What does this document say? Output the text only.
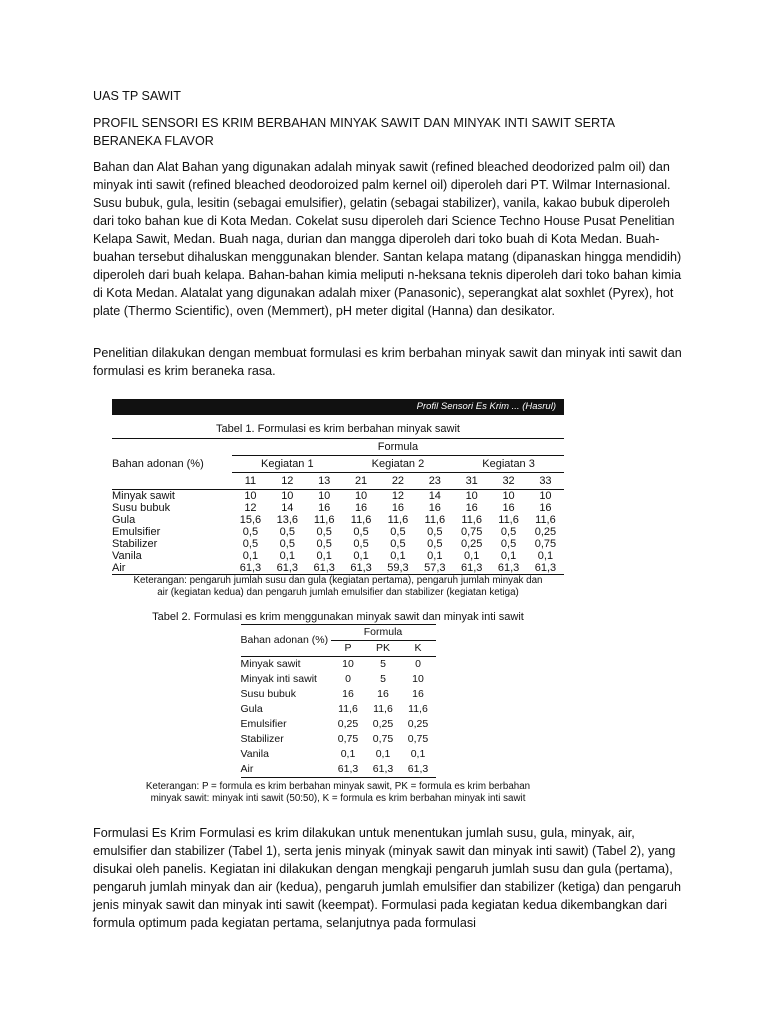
UAS TP SAWIT

PROFIL SENSORI ES KRIM BERBAHAN MINYAK SAWIT DAN MINYAK INTI SAWIT SERTA BERANEKA FLAVOR

Bahan dan Alat Bahan yang digunakan adalah minyak sawit (refined bleached deodorized palm oil) dan minyak inti sawit (refined bleached deodoroized palm kernel oil) diperoleh dari PT. Wilmar Internasional. Susu bubuk, gula, lesitin (sebagai emulsifier), gelatin (sebagai stabilizer), vanila, kakao bubuk diperoleh dari toko bahan kue di Kota Medan. Cokelat susu diperoleh dari Science Techno House Pusat Penelitian Kelapa Sawit, Medan. Buah naga, durian dan mangga diperoleh dari toko buah di Kota Medan. Buah-buahan tersebut dihaluskan menggunakan blender. Santan kelapa matang (dipanaskan hingga mendidih) diperoleh dari buah kelapa. Bahan-bahan kimia meliputi n-heksana teknis diperoleh dari toko bahan kimia di Kota Medan. Alatalat yang digunakan adalah mixer (Panasonic), seperangkat alat soxhlet (Pyrex), hot plate (Thermo Scientific), oven (Memmert), pH meter digital (Hanna) dan desikator.

Penelitian dilakukan dengan membuat formulasi es krim berbahan minyak sawit dan minyak inti sawit dan formulasi es krim beraneka rasa.

Profil Sensori Es Krim ... (Hasrul)
Tabel 1. Formulasi es krim berbahan minyak sawit
Bahan adonan (%)	Formula								
	Kegiatan 1			Kegiatan 2			Kegiatan 3		
	11	12	13	21	22	23	31	32	33	
Minyak sawit	10	10	10	10	12	14	10	10	10
Susu bubuk	12	14	16	16	16	16	16	16	16
Gula	15,6	13,6	11,6	11,6	11,6	11,6	11,6	11,6	11,6
Emulsifier	0,5	0,5	0,5	0,5	0,5	0,5	0,75	0,5	0,25
Stabilizer	0,5	0,5	0,5	0,5	0,5	0,5	0,25	0,5	0,75
Vanila	0,1	0,1	0,1	0,1	0,1	0,1	0,1	0,1	0,1
Air	61,3	61,3	61,3	61,3	59,3	57,3	61,3	61,3	61,3
Keterangan: pengaruh jumlah susu dan gula (kegiatan pertama), pengaruh jumlah minyak dan
air (kegiatan kedua) dan pengaruh jumlah emulsifier dan stabilizer (kegiatan ketiga)
Tabel 2. Formulasi es krim menggunakan minyak sawit dan minyak inti sawit
Bahan adonan (%)	Formula		
	P	PK	K
Minyak sawit	10	5	0
Minyak inti sawit	0	5	10
Susu bubuk	16	16	16
Gula	11,6	11,6	11,6
Emulsifier	0,25	0,25	0,25
Stabilizer	0,75	0,75	0,75
Vanila	0,1	0,1	0,1
Air	61,3	61,3	61,3
Keterangan: P = formula es krim berbahan minyak sawit, PK = formula es krim berbahan
minyak sawit: minyak inti sawit (50:50), K = formula es krim berbahan minyak inti sawit

Formulasi Es Krim Formulasi es krim dilakukan untuk menentukan jumlah susu, gula, minyak, air, emulsifier dan stabilizer (Tabel 1), serta jenis minyak (minyak sawit dan minyak inti sawit) (Tabel 2), yang disukai oleh panelis. Kegiatan ini dilakukan dengan mengkaji pengaruh jumlah susu dan gula (pertama), pengaruh jumlah minyak dan air (kedua), pengaruh jumlah emulsifier dan stabilizer (ketiga) dan pengaruh jenis minyak sawit dan minyak inti sawit (keempat). Formulasi pada kegiatan kedua dikembangkan dari formula optimum pada kegiatan pertama, selanjutnya pada formulasi
